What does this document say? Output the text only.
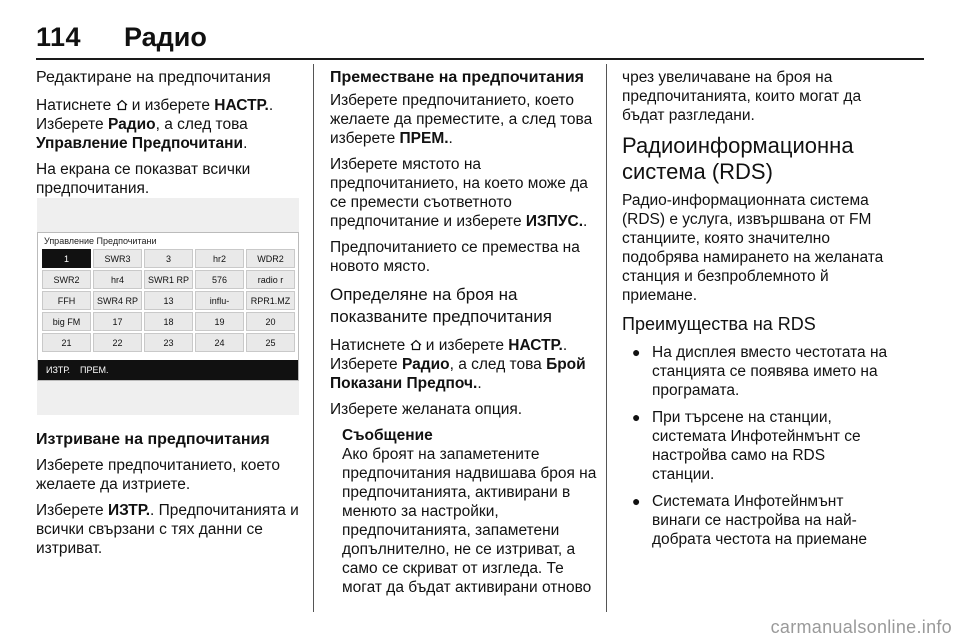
114 Радио
Редактиране на предпочитания

Натиснете  и изберете НАСТР.. Изберете Радио, а след това Управление Предпочитани.

На екрана се показват всички предпочитания.

Управление Предпочитани
1	SWR3	3	hr2	WDR2
SWR2	hr4	SWR1 RP	576	radio r
FFH	SWR4 RP	13	influ-	RPR1.MZ
big FM	17	18	19	20
21	22	23	24	25
ИЗТР. ПРЕМ.
Изтриване на предпочитания

Изберете предпочитанието, което желаете да изтриете.

Изберете ИЗТР.. Предпочитанията и всички свързани с тях данни се изтриват.

Преместване на предпочитания

Изберете предпочитанието, което желаете да преместите, а след това изберете ПРЕМ..

Изберете мястото на предпочитанието, на което може да се премести съответното предпочитание и изберете ИЗПУС..

Предпочитанието се премества на новото място.

Определяне на броя на показваните предпочитания

Натиснете  и изберете НАСТР.. Изберете Радио, а след това Брой Показани Предпоч..

Изберете желаната опция.

Съобщение
Ако броят на запаметените предпочитания надвишава броя на предпочитанията, активирани в менюто за настройки, предпочитанията, запаметени допълнително, не се изтриват, а само се скриват от изгледа. Те могат да бъдат активирани отново

чрез увеличаване на броя на предпочитанията, които могат да бъдат разгледани.

Радиоинформационна система (RDS)

Радио-информационната система (RDS) е услуга, извършвана от FM станциите, която значително подобрява намирането на желаната станция и безпроблемното й приемане.

Преимущества на RDS
● На дисплея вместо честотата на станцията се появява името на програмата.
● При търсене на станции, системата Инфотейнмънт се настройва само на RDS станции.
● Системата Инфотейнмънт винаги се настройва на най-добрата честота на приемане
carmanualsonline.info
